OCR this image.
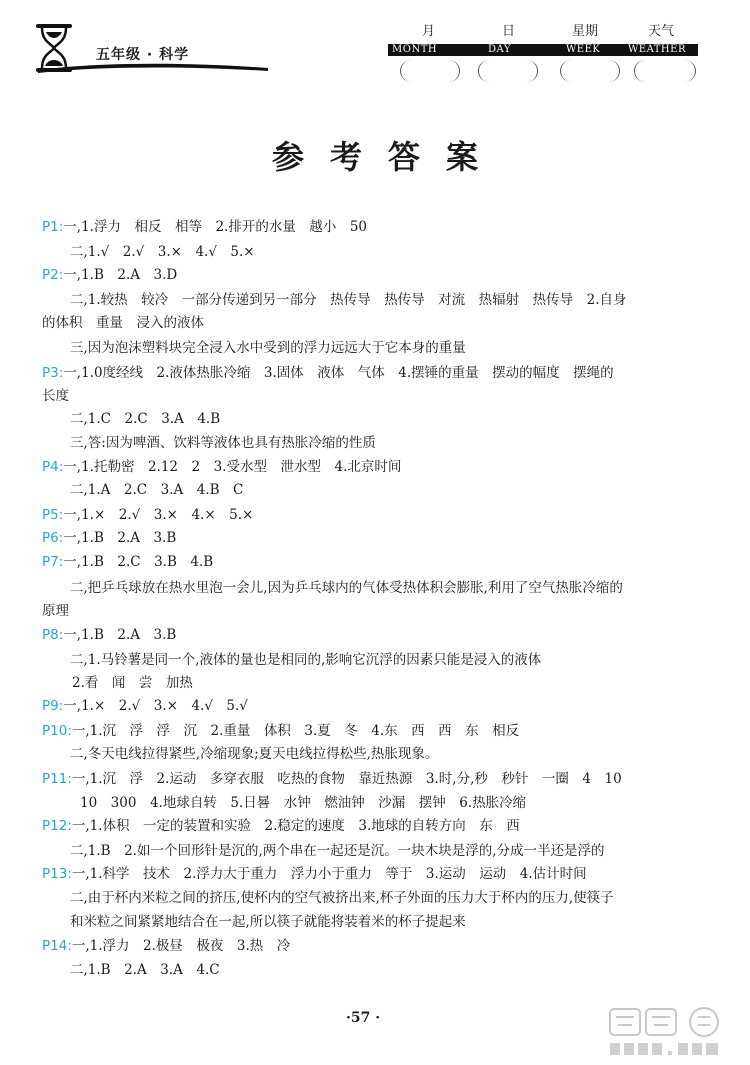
五年级 · 科学
月	日	星期	天气
MONTH	DAY	WEEK	WEATHER
参考答案
P1:一,1.浮力　相反　相等　2.排开的水量　越小　50
二,1.√　2.√　3.×　4.√　5.×
P2:一,1.B　2.A　3.D
二,1.较热　较冷　一部分传递到另一部分　热传导　热传导　对流　热辐射　热传导　2.自身
的体积　重量　浸入的液体
三,因为泡沫塑料块完全浸入水中受到的浮力远远大于它本身的重量
P3:一,1.0度经线　2.液体热胀冷缩　3.固体　液体　气体　4.摆锤的重量　摆动的幅度　摆绳的
长度
二,1.C　2.C　3.A　4.B
三,答:因为啤酒、饮料等液体也具有热胀冷缩的性质
P4:一,1.托勒密　2.12　2　3.受水型　泄水型　4.北京时间
二,1.A　2.C　3.A　4.B　C
P5:一,1.×　2.√　3.×　4.×　5.×
P6:一,1.B　2.A　3.B
P7:一,1.B　2.C　3.B　4.B
二,把乒乓球放在热水里泡一会儿,因为乒乓球内的气体受热体积会膨胀,利用了空气热胀冷缩的
原理
P8:一,1.B　2.A　3.B
二,1.马铃薯是同一个,液体的量也是相同的,影响它沉浮的因素只能是浸入的液体
2.看　闻　尝　加热
P9:一,1.×　2.√　3.×　4.√　5.√
P10:一,1.沉　浮　浮　沉　2.重量　体积　3.夏　冬　4.东　西　西　东　相反
二,冬天电线拉得紧些,冷缩现象;夏天电线拉得松些,热胀现象。
P11:一,1.沉　浮　2.运动　多穿衣服　吃热的食物　靠近热源　3.时,分,秒　秒针　一圈　4　10
10　300　4.地球自转　5.日晷　水钟　燃油钟　沙漏　摆钟　6.热胀冷缩
P12:一,1.体积　一定的装置和实验　2.稳定的速度　3.地球的自转方向　东　西
二,1.B　2.如一个回形针是沉的,两个串在一起还是沉。一块木块是浮的,分成一半还是浮的
P13:一,1.科学　技术　2.浮力大于重力　浮力小于重力　等于　3.运动　运动　4.估计时间
二,由于杯内米粒之间的挤压,使杯内的空气被挤出来,杯子外面的压力大于杯内的压力,使筷子
和米粒之间紧紧地结合在一起,所以筷子就能将装着米的杯子提起来
P14:一,1.浮力　2.极昼　极夜　3.热　冷
二,1.B　2.A　3.A　4.C
·57 ·
